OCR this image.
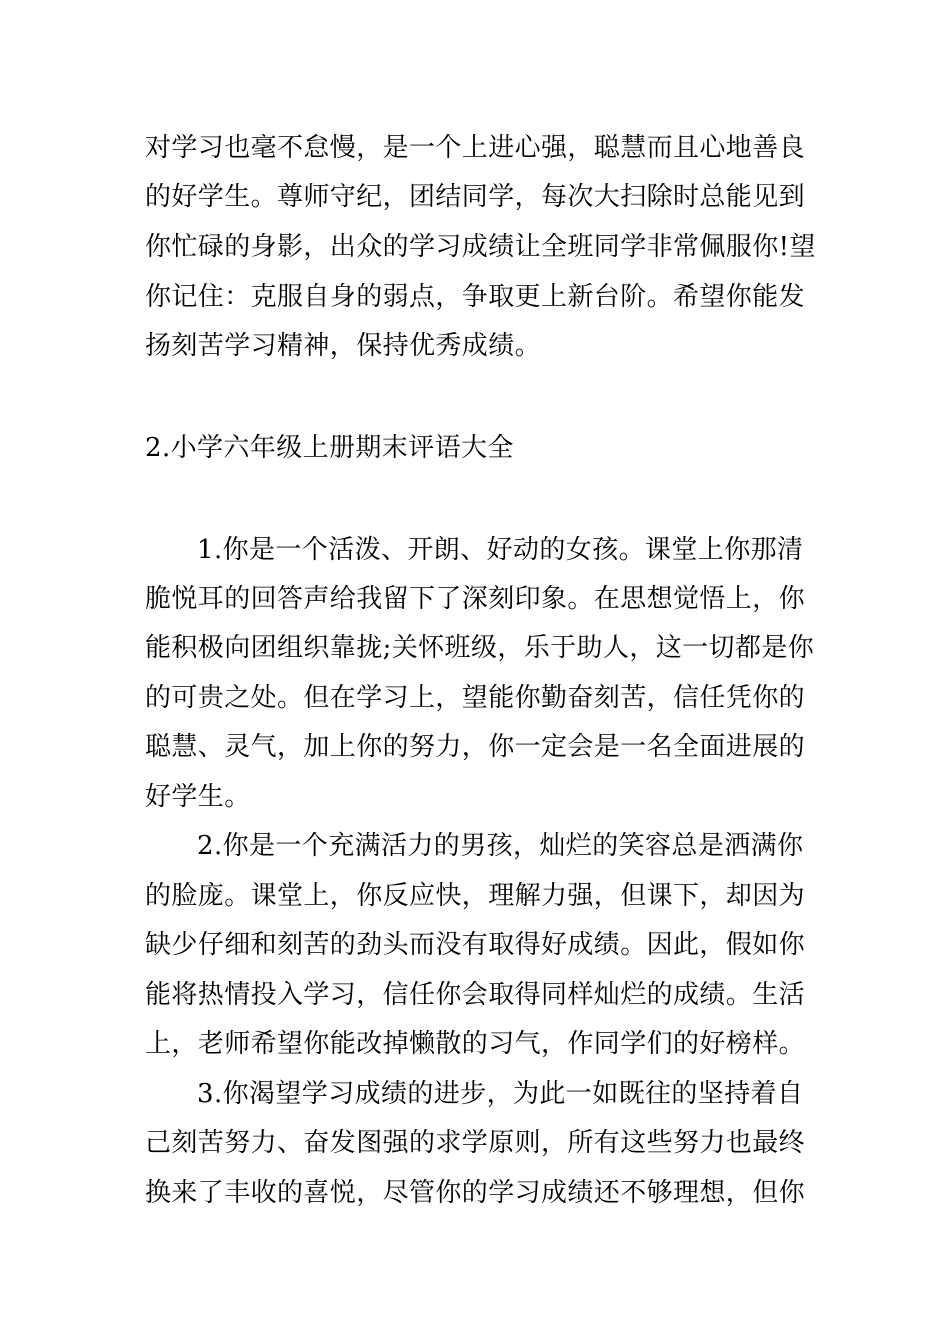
对学习也毫不怠慢，是一个上进心强，聪慧而且心地善良
的好学生。尊师守纪，团结同学，每次大扫除时总能见到
你忙碌的身影，出众的学习成绩让全班同学非常佩服你!望
你记住：克服自身的弱点，争取更上新台阶。希望你能发
扬刻苦学习精神，保持优秀成绩。
2.小学六年级上册期末评语大全
1.你是一个活泼、开朗、好动的女孩。课堂上你那清
脆悦耳的回答声给我留下了深刻印象。在思想觉悟上，你
能积极向团组织靠拢;关怀班级，乐于助人，这一切都是你
的可贵之处。但在学习上，望能你勤奋刻苦，信任凭你的
聪慧、灵气，加上你的努力，你一定会是一名全面进展的
好学生。
2.你是一个充满活力的男孩，灿烂的笑容总是洒满你
的脸庞。课堂上，你反应快，理解力强，但课下，却因为
缺少仔细和刻苦的劲头而没有取得好成绩。因此，假如你
能将热情投入学习，信任你会取得同样灿烂的成绩。生活
上，老师希望你能改掉懒散的习气，作同学们的好榜样。
3.你渴望学习成绩的进步，为此一如既往的坚持着自
己刻苦努力、奋发图强的求学原则，所有这些努力也最终
换来了丰收的喜悦，尽管你的学习成绩还不够理想，但你
